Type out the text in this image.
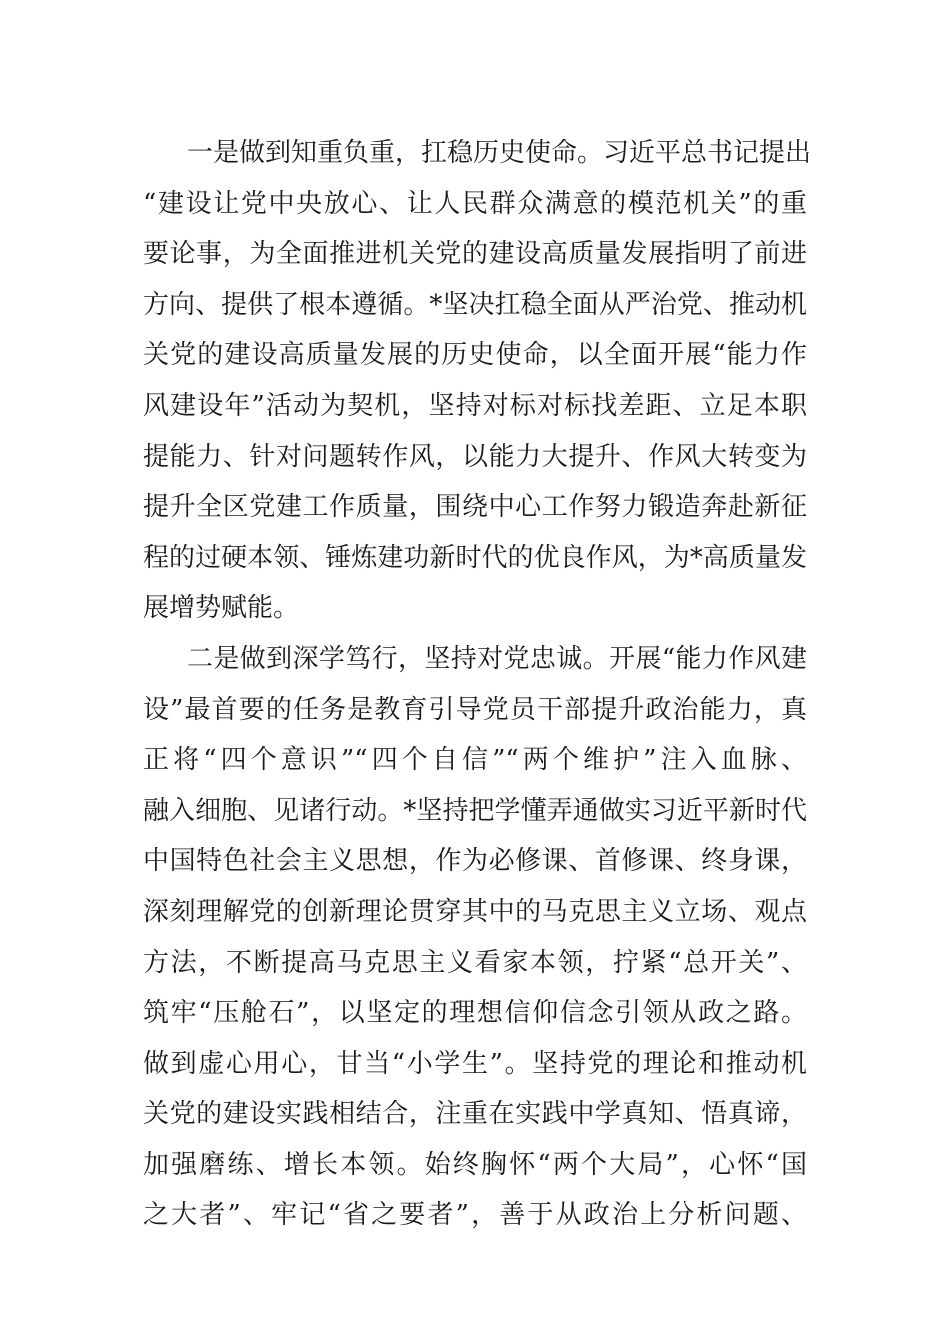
一是做到知重负重，扛稳历史使命。习近平总书记提出
“建设让党中央放心、让人民群众满意的模范机关”的重
要论事，为全面推进机关党的建设高质量发展指明了前进
方向、提供了根本遵循。*坚决扛稳全面从严治党、推动机
关党的建设高质量发展的历史使命，以全面开展“能力作
风建设年”活动为契机，坚持对标对标找差距、立足本职
提能力、针对问题转作风，以能力大提升、作风大转变为
提升全区党建工作质量，围绕中心工作努力锻造奔赴新征
程的过硬本领、锤炼建功新时代的优良作风，为*高质量发
展增势赋能。
二是做到深学笃行，坚持对党忠诚。开展“能力作风建
设”最首要的任务是教育引导党员干部提升政治能力，真
正将“四个意识”“四个自信”“两个维护”注入血脉、
融入细胞、见诸行动。*坚持把学懂弄通做实习近平新时代
中国特色社会主义思想，作为必修课、首修课、终身课，
深刻理解党的创新理论贯穿其中的马克思主义立场、观点
方法，不断提高马克思主义看家本领，拧紧“总开关”、
筑牢“压舱石”，以坚定的理想信仰信念引领从政之路。
做到虚心用心，甘当“小学生”。坚持党的理论和推动机
关党的建设实践相结合，注重在实践中学真知、悟真谛，
加强磨练、增长本领。始终胸怀“两个大局”，心怀“国
之大者”、牢记“省之要者”，善于从政治上分析问题、
